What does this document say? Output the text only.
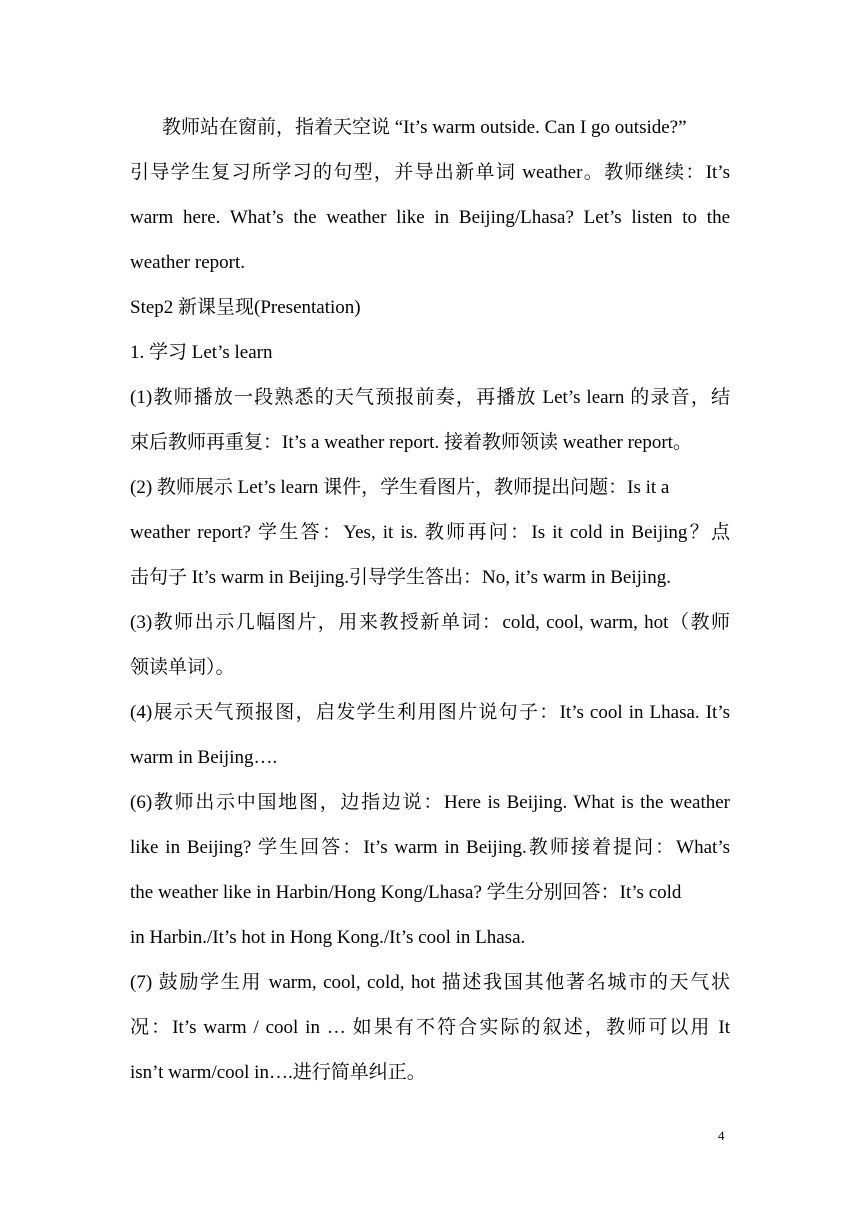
教师站在窗前，指着天空说 “It’s warm outside. Can I go outside?”
引导学生复习所学习的句型，并导出新单词 weather。教师继续：It’s
warm here. What’s the weather like in Beijing/Lhasa? Let’s listen to the
weather report.
Step2 新课呈现(Presentation)
1. 学习 Let’s learn
(1)教师播放一段熟悉的天气预报前奏，再播放 Let’s learn 的录音，结
束后教师再重复：It’s a weather report. 接着教师领读 weather report。
(2) 教师展示 Let’s learn 课件，学生看图片，教师提出问题：Is it a
weather report? 学生答：Yes, it is. 教师再问：Is it cold in Beijing？点
击句子 It’s warm in Beijing.引导学生答出：No, it’s warm in Beijing.
(3)教师出示几幅图片，用来教授新单词：cold, cool, warm, hot（教师
领读单词）。
(4)展示天气预报图，启发学生利用图片说句子：It’s cool in Lhasa. It’s
warm in Beijing….
(6)教师出示中国地图，边指边说：Here is Beijing. What is the weather
like in Beijing? 学生回答：It’s warm in Beijing.教师接着提问：What’s
the weather like in Harbin/Hong Kong/Lhasa? 学生分别回答：It’s cold
in Harbin./It’s hot in Hong Kong./It’s cool in Lhasa.
(7) 鼓励学生用 warm, cool, cold, hot 描述我国其他著名城市的天气状
况：It’s warm / cool in … 如果有不符合实际的叙述，教师可以用 It
isn’t warm/cool in….进行简单纠正。
4
